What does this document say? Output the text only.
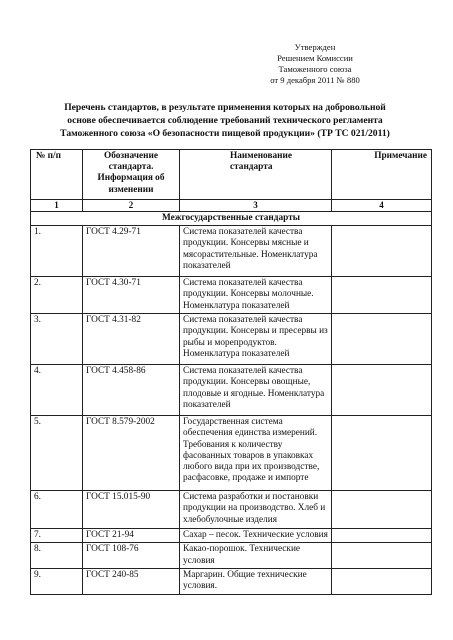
Утвержден
Решением Комиссии
Таможенного союза
от 9 декабря 2011 № 880
Перечень стандартов, в результате применения которых на добровольной
основе обеспечивается соблюдение требований технического регламента
Таможенного союза «О безопасности пищевой продукции» (ТР ТС 021/2011)
№ п/п	Обозначение стандарта. Информация об изменении	Наименование стандарта	Примечание
1	2	3	4
Межгосударственные стандарты			
1.	ГОСТ 4.29-71	Система показателей качества продукции. Консервы мясные и мясорастительные. Номенклатура показателей	
2.	ГОСТ 4.30-71	Система показателей качества продукции. Консервы молочные. Номенклатура показателей	
3.	ГОСТ 4.31-82	Система показателей качества продукции. Консервы и пресервы из рыбы и морепродуктов. Номенклатура показателей	
4.	ГОСТ 4.458-86	Система показателей качества продукции. Консервы овощные, плодовые и ягодные. Номенклатура показателей	
5.	ГОСТ 8.579-2002	Государственная система обеспечения единства измерений. Требования к количеству фасованных товаров в упаковках любого вида при их производстве, расфасовке, продаже и импорте	
6.	ГОСТ 15.015-90	Система разработки и постановки продукции на производство. Хлеб и хлебобулочные изделия	
7.	ГОСТ 21-94	Сахар – песок. Технические условия	
8.	ГОСТ 108-76	Какао-порошок. Технические условия	
9.	ГОСТ 240-85	Маргарин. Общие технические условия.	
